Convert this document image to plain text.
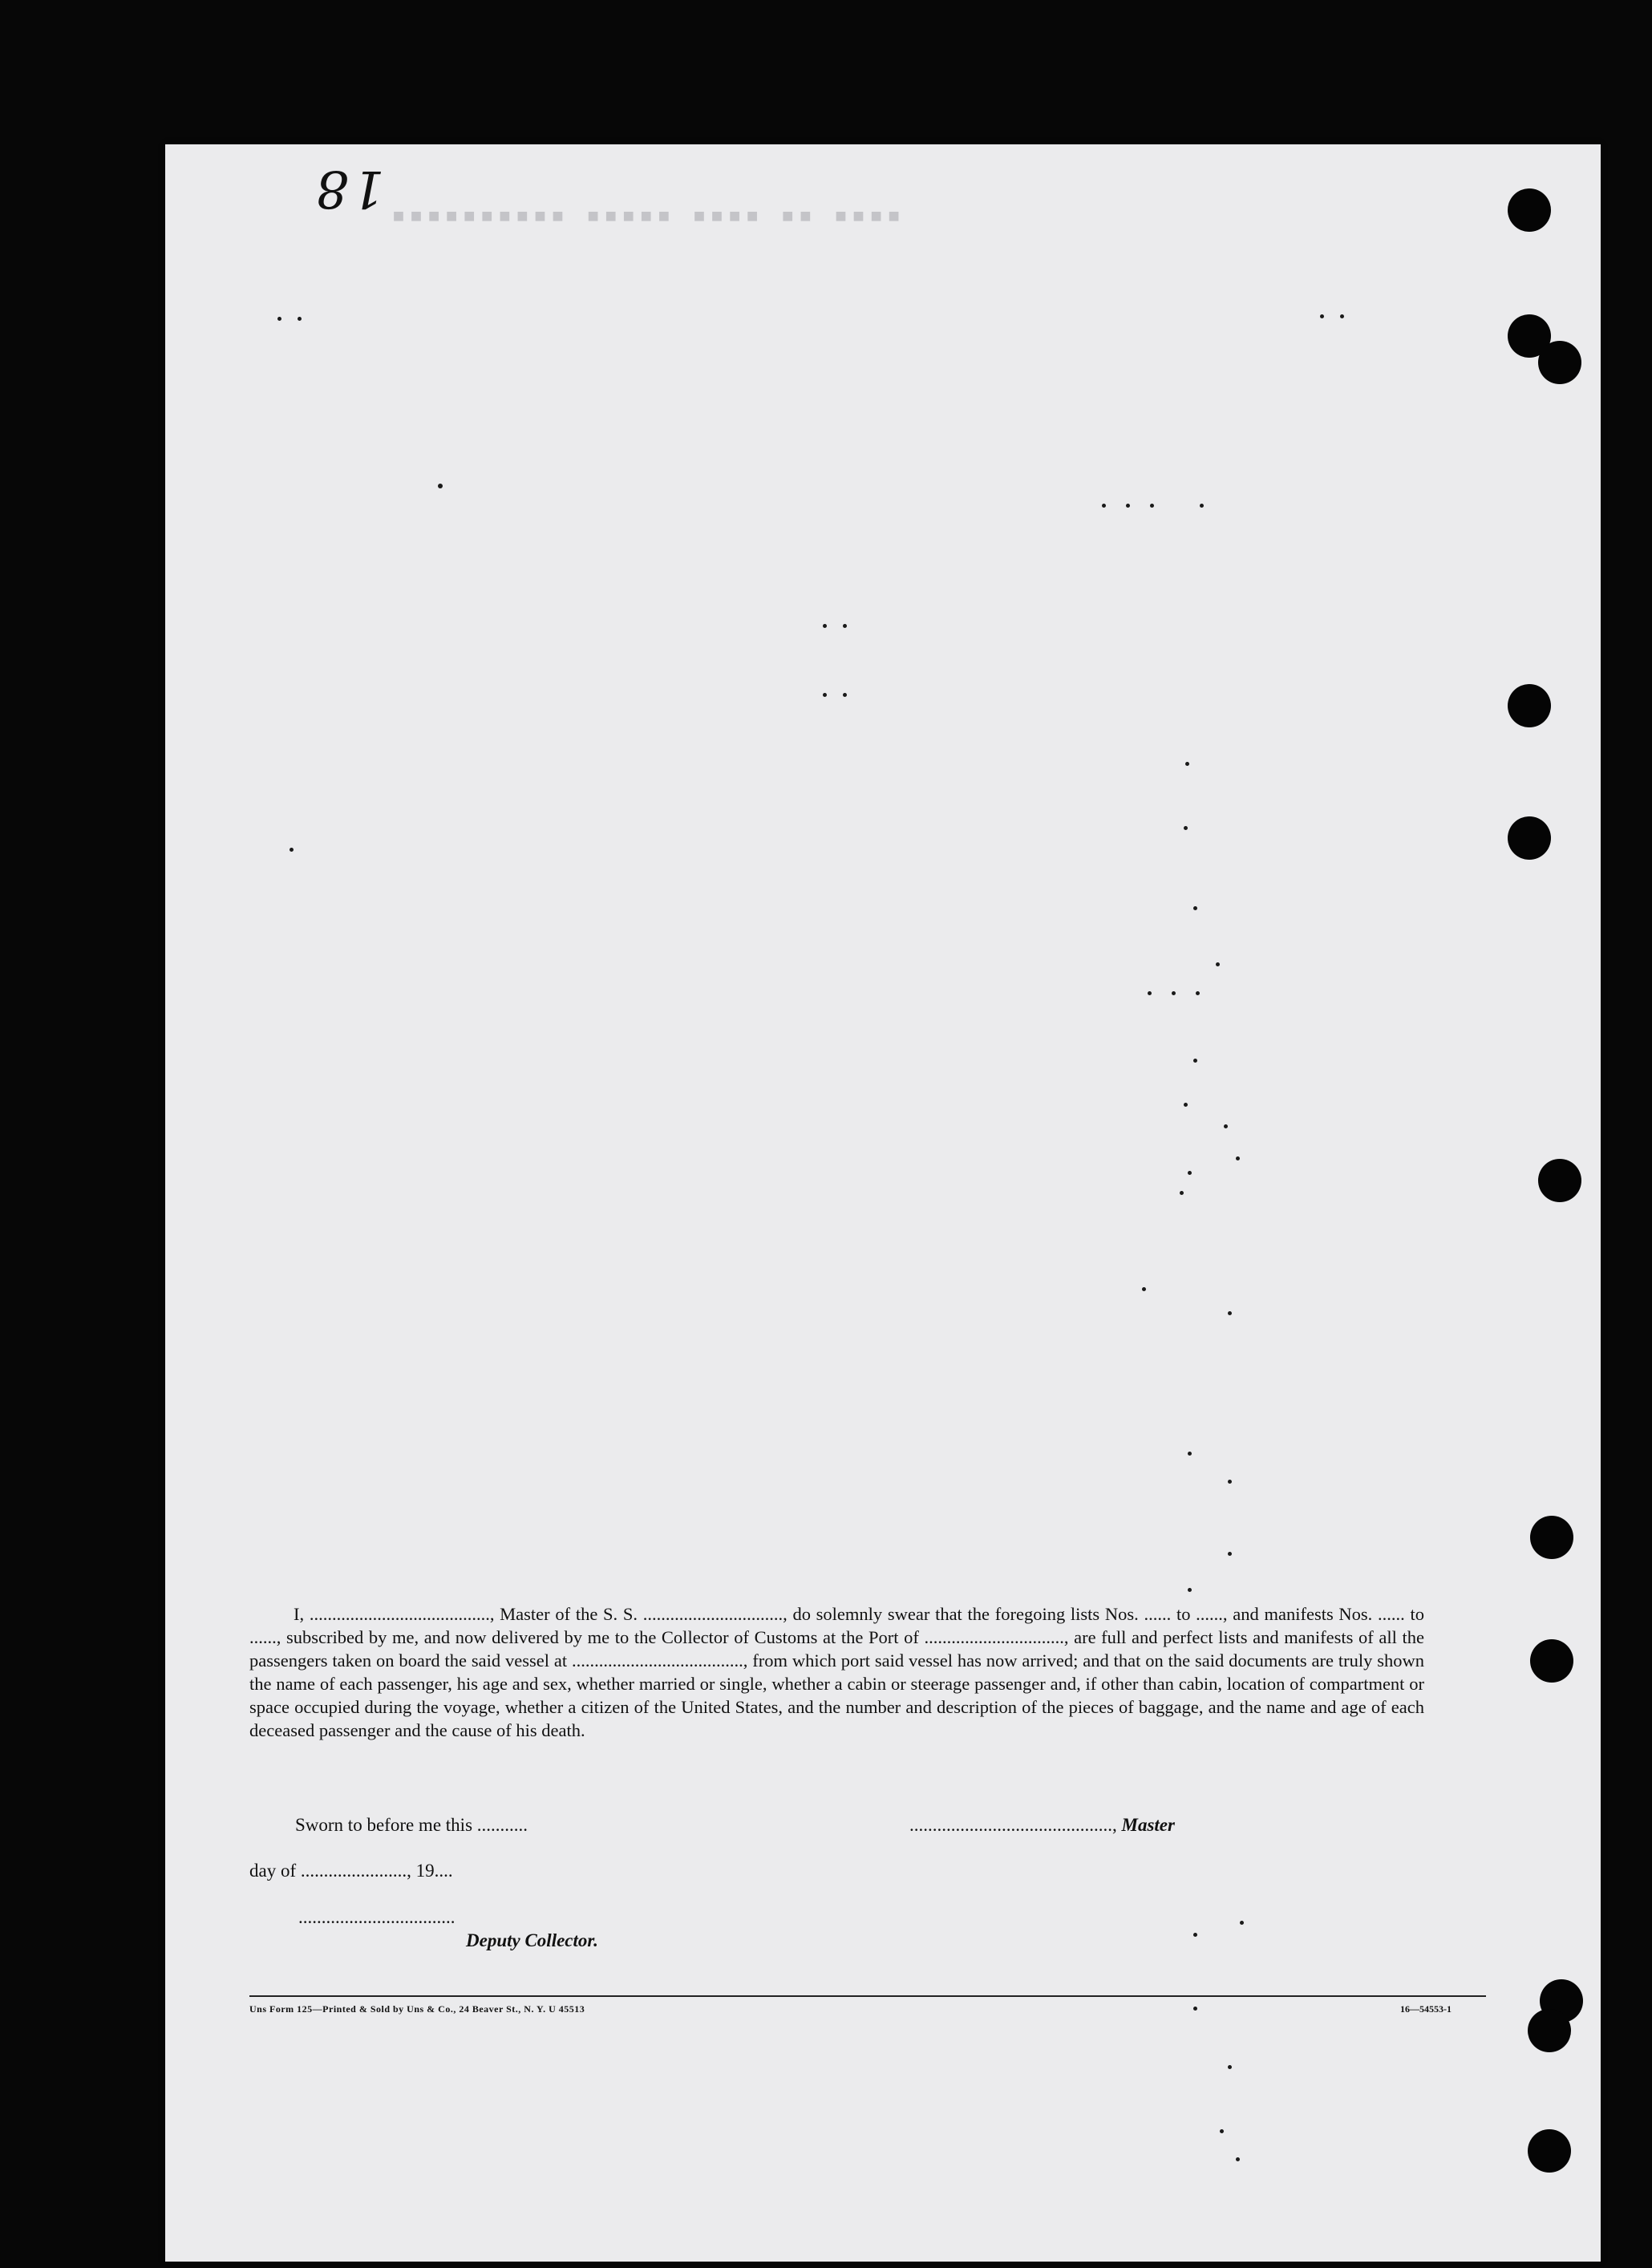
18 ▪▪▪▪ ▪▪ ▪▪▪▪ ▪▪▪▪▪ ▪▪▪▪▪▪▪▪▪▪

I, ........................................, Master of the S. S. ..............................., do solemnly swear that the foregoing lists Nos. ...... to ......, and manifests Nos. ...... to ......, subscribed by me, and now delivered by me to the Collector of Customs at the Port of ..............................., are full and perfect lists and manifests of all the passengers taken on board the said vessel at ......................................, from which port said vessel has now arrived; and that on the said documents are truly shown the name of each passenger, his age and sex, whether married or single, whether a cabin or steerage passenger and, if other than cabin, location of compartment or space occupied during the voyage, whether a citizen of the United States, and the number and description of the pieces of baggage, and the name and age of each deceased passenger and the cause of his death.

Sworn to before me this ...........	............................................, Master
day of ......................., 19....
..................................
Deputy Collector.
Uns Form 125—Printed & Sold by Uns & Co., 24 Beaver St., N. Y. U 45513	16—54553-1
